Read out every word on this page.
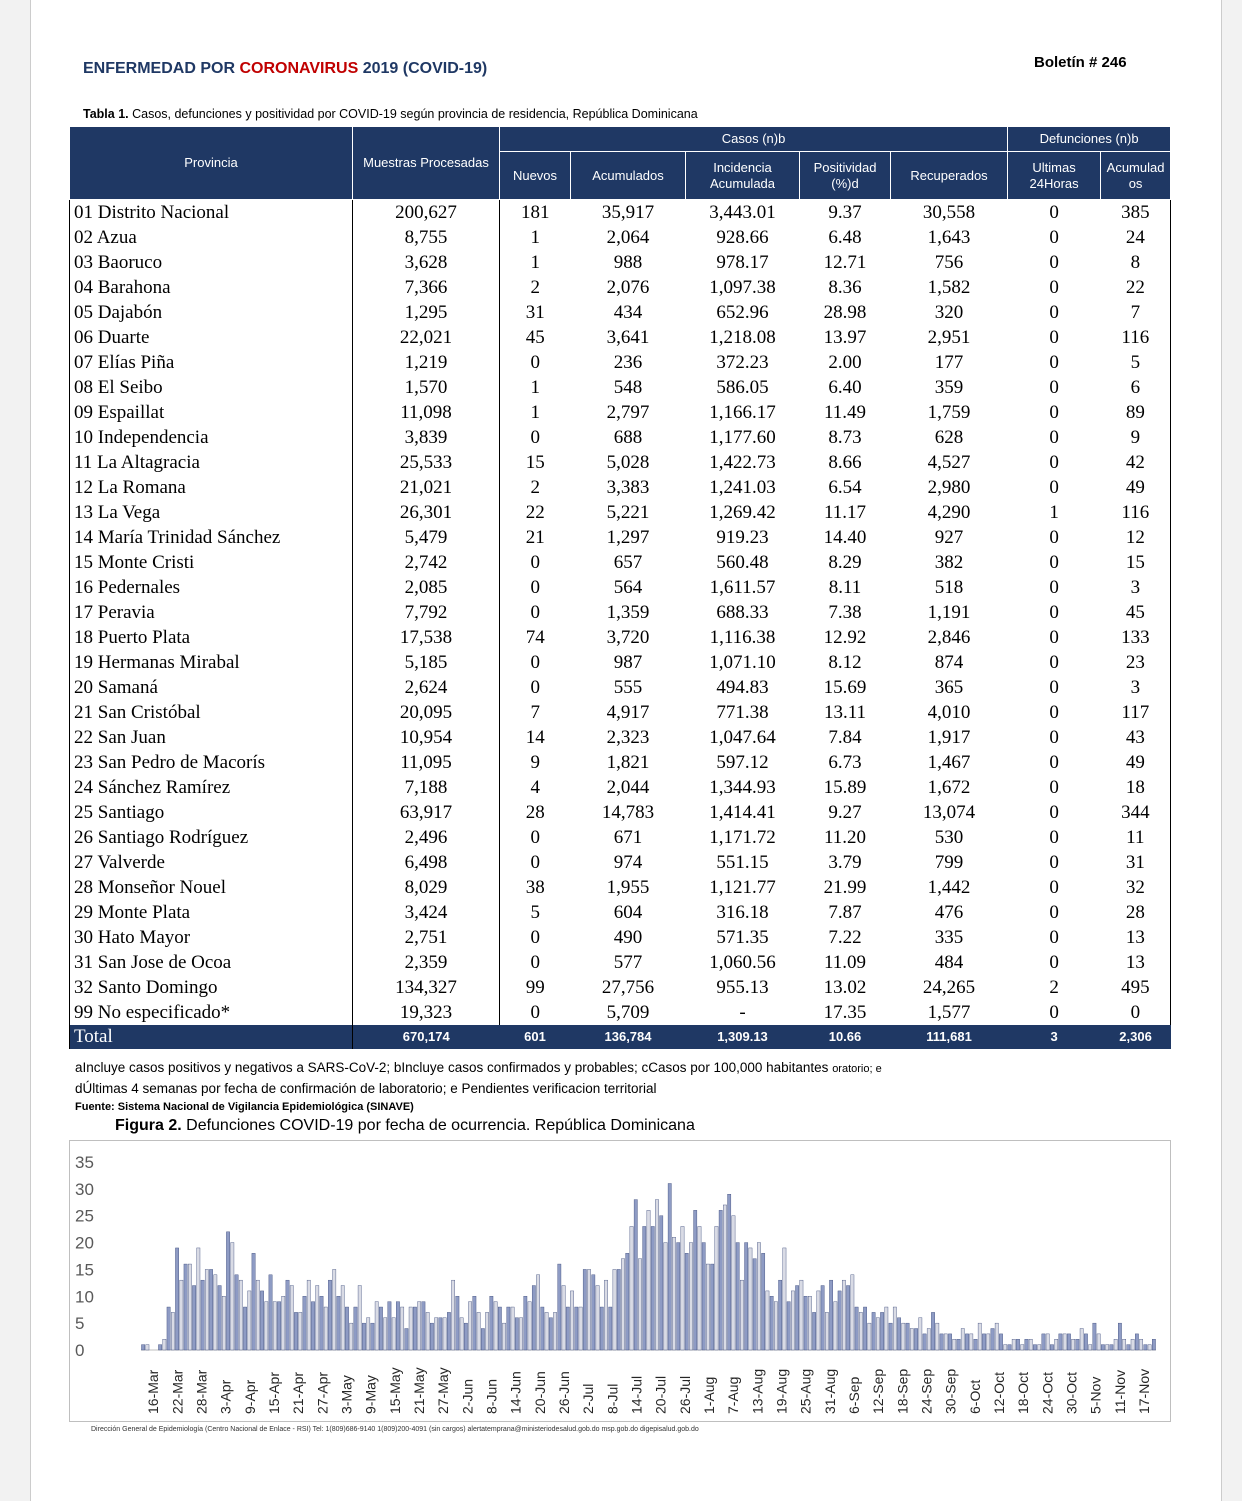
ENFERMEDAD POR CORONAVIRUS 2019 (COVID-19)	Boletín # 246
Tabla 1. Casos, defunciones y positividad por COVID-19 según provincia de residencia, República Dominicana
Provincia	Muestras Procesadas	Casos (n)b					Defunciones (n)b	
		Nuevos	Acumulados	Incidencia Acumulada	Positividad (%)d	Recuperados	Ultimas 24Horas	Acumulad os
01 Distrito Nacional	200,627	181	35,917	3,443.01	9.37	30,558	0	385
02 Azua	8,755	1	2,064	928.66	6.48	1,643	0	24
03 Baoruco	3,628	1	988	978.17	12.71	756	0	8
04 Barahona	7,366	2	2,076	1,097.38	8.36	1,582	0	22
05 Dajabón	1,295	31	434	652.96	28.98	320	0	7
06 Duarte	22,021	45	3,641	1,218.08	13.97	2,951	0	116
07 Elías Piña	1,219	0	236	372.23	2.00	177	0	5
08 El Seibo	1,570	1	548	586.05	6.40	359	0	6
09 Espaillat	11,098	1	2,797	1,166.17	11.49	1,759	0	89
10 Independencia	3,839	0	688	1,177.60	8.73	628	0	9
11 La Altagracia	25,533	15	5,028	1,422.73	8.66	4,527	0	42
12 La Romana	21,021	2	3,383	1,241.03	6.54	2,980	0	49
13 La Vega	26,301	22	5,221	1,269.42	11.17	4,290	1	116
14 María Trinidad Sánchez	5,479	21	1,297	919.23	14.40	927	0	12
15 Monte Cristi	2,742	0	657	560.48	8.29	382	0	15
16 Pedernales	2,085	0	564	1,611.57	8.11	518	0	3
17 Peravia	7,792	0	1,359	688.33	7.38	1,191	0	45
18 Puerto Plata	17,538	74	3,720	1,116.38	12.92	2,846	0	133
19 Hermanas Mirabal	5,185	0	987	1,071.10	8.12	874	0	23
20 Samaná	2,624	0	555	494.83	15.69	365	0	3
21 San Cristóbal	20,095	7	4,917	771.38	13.11	4,010	0	117
22 San Juan	10,954	14	2,323	1,047.64	7.84	1,917	0	43
23 San Pedro de Macorís	11,095	9	1,821	597.12	6.73	1,467	0	49
24 Sánchez Ramírez	7,188	4	2,044	1,344.93	15.89	1,672	0	18
25 Santiago	63,917	28	14,783	1,414.41	9.27	13,074	0	344
26 Santiago Rodríguez	2,496	0	671	1,171.72	11.20	530	0	11
27 Valverde	6,498	0	974	551.15	3.79	799	0	31
28 Monseñor Nouel	8,029	38	1,955	1,121.77	21.99	1,442	0	32
29 Monte Plata	3,424	5	604	316.18	7.87	476	0	28
30 Hato Mayor	2,751	0	490	571.35	7.22	335	0	13
31 San Jose de Ocoa	2,359	0	577	1,060.56	11.09	484	0	13
32 Santo Domingo	134,327	99	27,756	955.13	13.02	24,265	2	495
99 No especificado*	19,323	0	5,709	-	17.35	1,577	0	0
Total	670,174	601	136,784	1,309.13	10.66	111,681	3	2,306
aIncluye casos positivos y negativos a SARS-CoV-2; bIncluye casos confirmados y probables; cCasos por 100,000 habitantes oratorio; e
dÚltimas 4 semanas por fecha de confirmación de laboratorio; e Pendientes verificacion territorial
Fuente: Sistema Nacional de Vigilancia Epidemiológica (SINAVE)
Figura 2. Defunciones COVID-19 por fecha de ocurrencia. República Dominicana
0
5
10
15
20
25
30
35
16-Mar 22-Mar 28-Mar 3-Apr 9-Apr 15-Apr 21-Apr 27-Apr 3-May 9-May 15-May 21-May 27-May 2-Jun 8-Jun 14-Jun 20-Jun 26-Jun 2-Jul 8-Jul 14-Jul 20-Jul 26-Jul 1-Aug 7-Aug 13-Aug 19-Aug 25-Aug 31-Aug 6-Sep 12-Sep 18-Sep 24-Sep 30-Sep 6-Oct 12-Oct 18-Oct 24-Oct 30-Oct 5-Nov 11-Nov 17-Nov
Dirección General de Epidemiología (Centro Nacional de Enlace - RSI) Tel: 1(809)686-9140 1(809)200-4091 (sin cargos) alertatemprana@ministeriodesalud.gob.do msp.gob.do digepisalud.gob.do
